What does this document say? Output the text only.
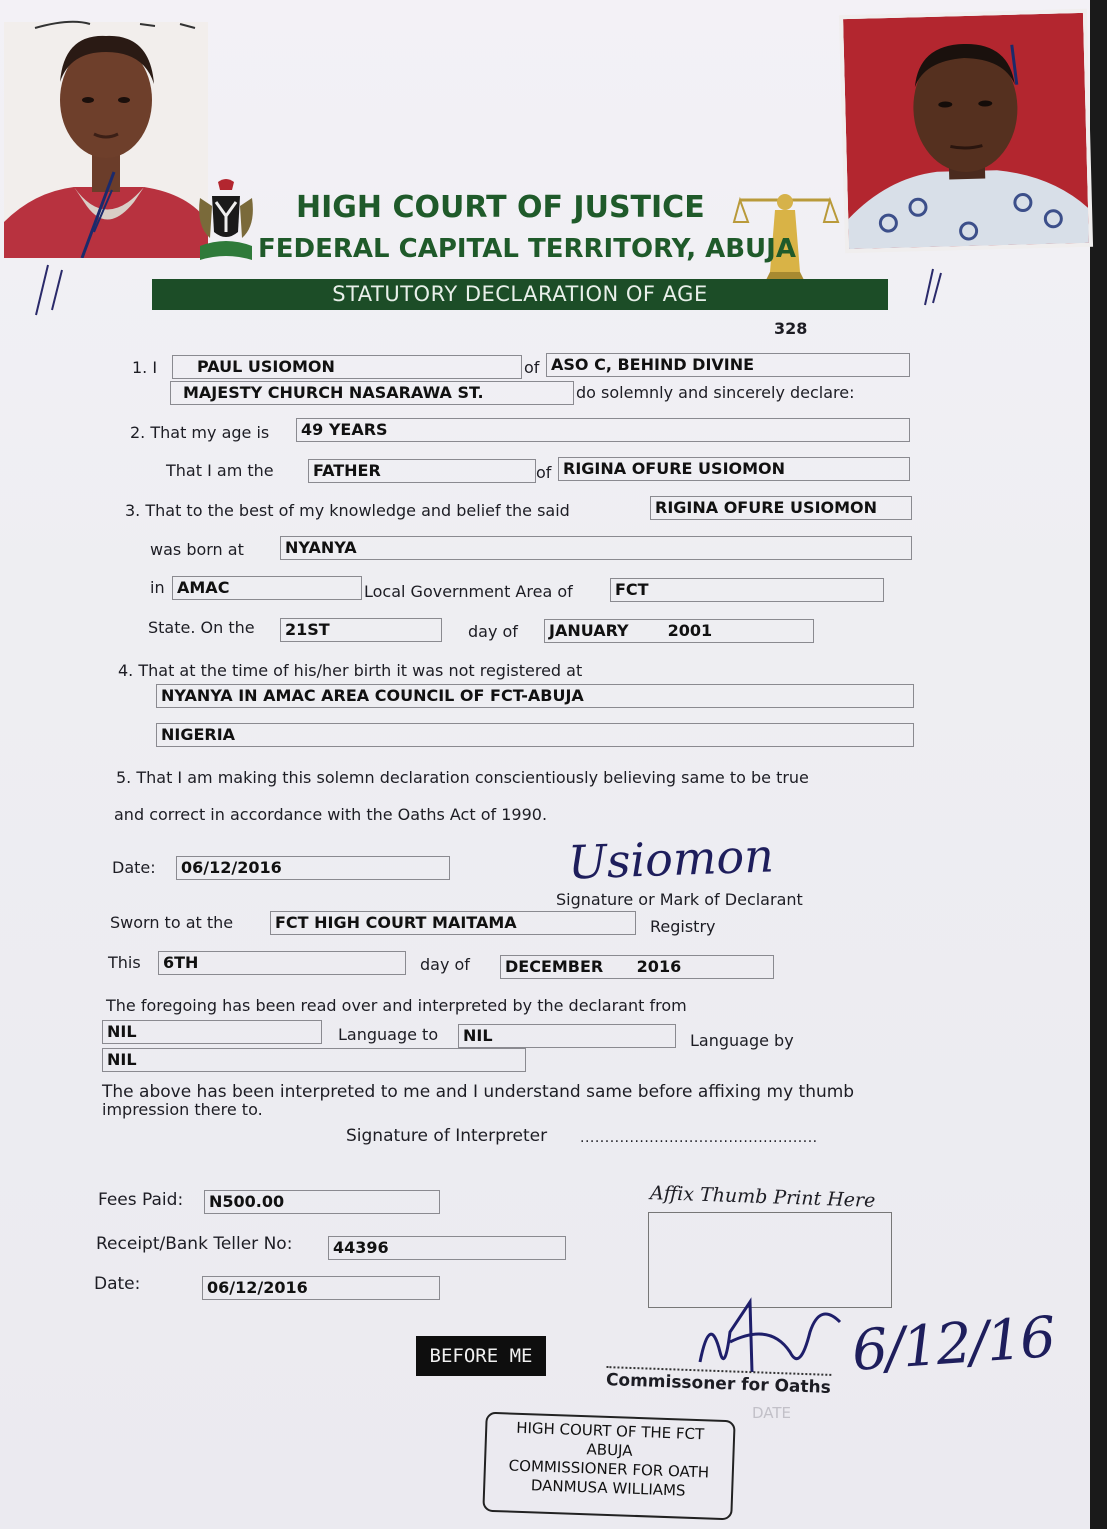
HIGH COURT OF JUSTICE
FEDERAL CAPITAL TERRITORY, ABUJA
STATUTORY DECLARATION OF AGE
328
1. I	PAUL USIOMON	of ASO C, BEHIND DIVINE
MAJESTY CHURCH NASARAWA ST.	do solemnly and sincerely declare:
2. That my age is	49 YEARS
That I am the	FATHER	of RIGINA OFURE USIOMON
3. That to the best of my knowledge and belief the said	RIGINA OFURE USIOMON
was born at	NYANYA
in AMAC	Local Government Area of	FCT
State. On the	21ST	day of	JANUARY       2001
4. That at the time of his/her birth it was not registered at
NYANYA IN AMAC AREA COUNCIL OF FCT-ABUJA
NIGERIA
5. That I am making this solemn declaration conscientiously believing same to be true
and correct in accordance with the Oaths Act of 1990.
Date:	06/12/2016	Usiomon
Signature or Mark of Declarant
Sworn to at the	FCT HIGH COURT MAITAMA	Registry
This	6TH	day of	DECEMBER      2016
The foregoing has been read over and interpreted by the declarant from
NIL	Language to	NIL	Language by
NIL
The above has been interpreted to me and I understand same before affixing my thumb
impression there to.
Signature of Interpreter ................................................
Fees Paid:	N500.00
Receipt/Bank Teller No:	44396
Date:	06/12/2016
Affix Thumb Print Here
BEFORE ME	6/12/16
Commissoner for Oaths
DATE
HIGH COURT OF THE FCT
ABUJA
COMMISSIONER FOR OATH
DANMUSA WILLIAMS
